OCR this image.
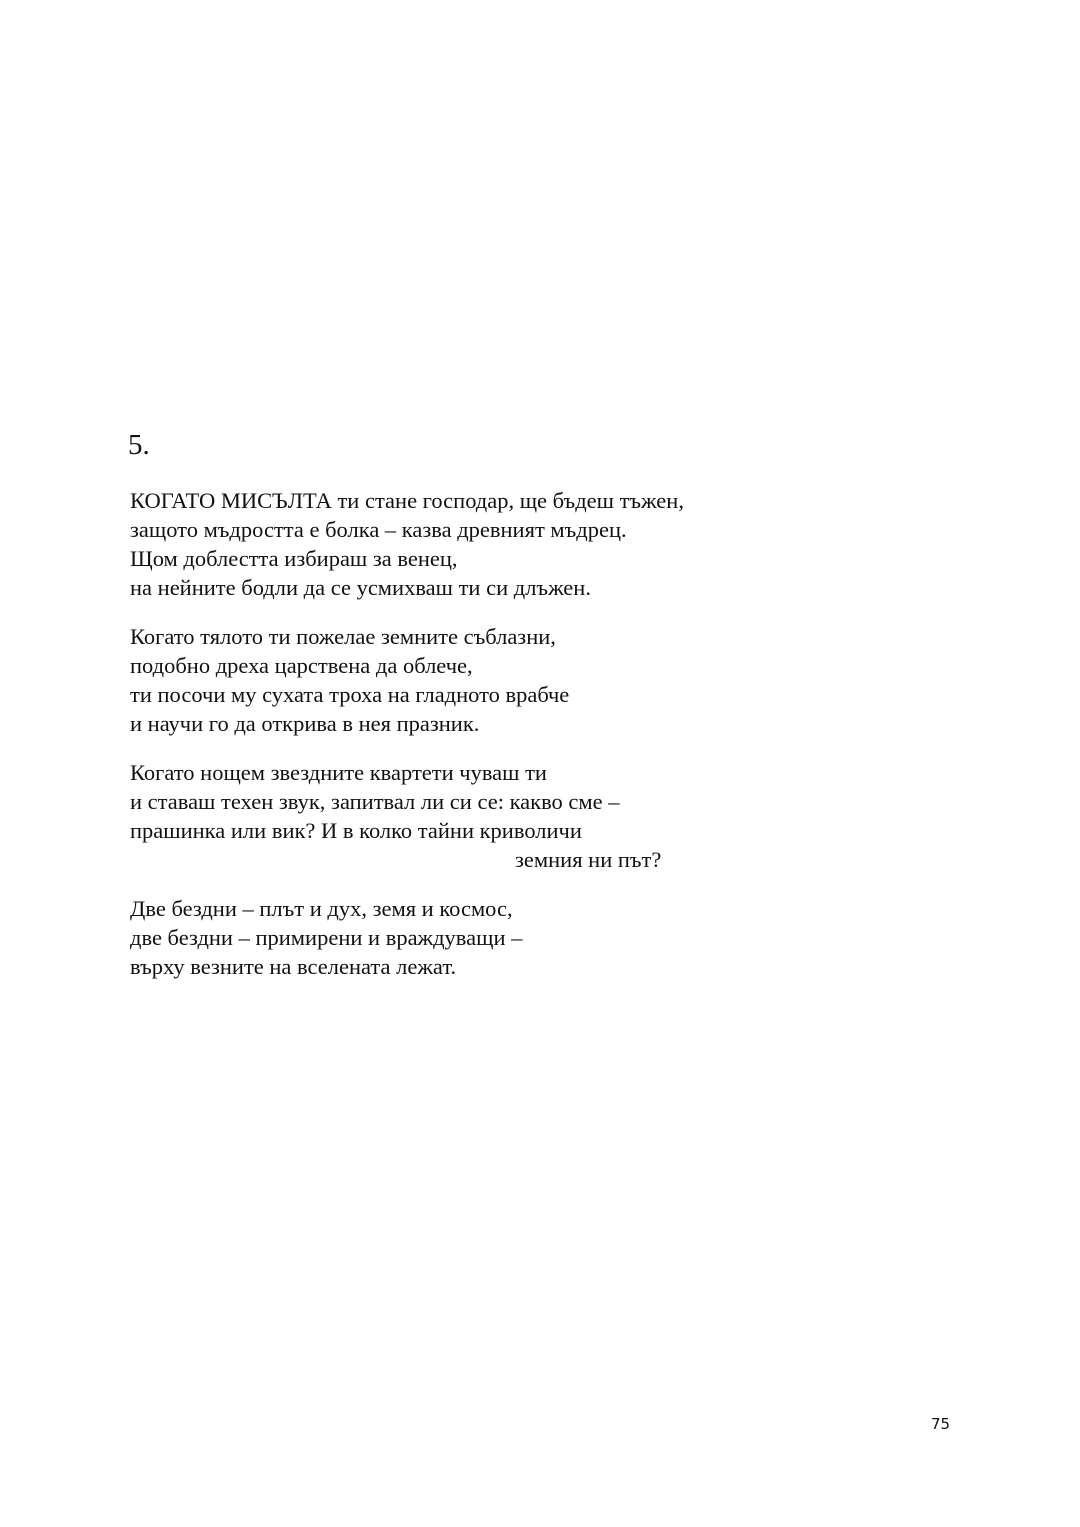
5.

КОГАТО МИСЪЛТА ти стане господар, ще бъдеш тъжен,
защото мъдростта е болка – казва древният мъдрец.
Щом доблестта избираш за венец,
на нейните бодли да се усмихваш ти си длъжен.

Когато тялото ти пожелае земните съблазни,
подобно дреха царствена да облече,
ти посочи му сухата троха на гладното врабче
и научи го да открива в нея празник.

Когато нощем звездните квартети чуваш ти
и ставаш техен звук, запитвал ли си се: какво сме –
прашинка или вик? И в колко тайни криволичи
земния ни път?

Две бездни – плът и дух, земя и космос,
две бездни – примирени и враждуващи –
върху везните на вселената лежат.

75
